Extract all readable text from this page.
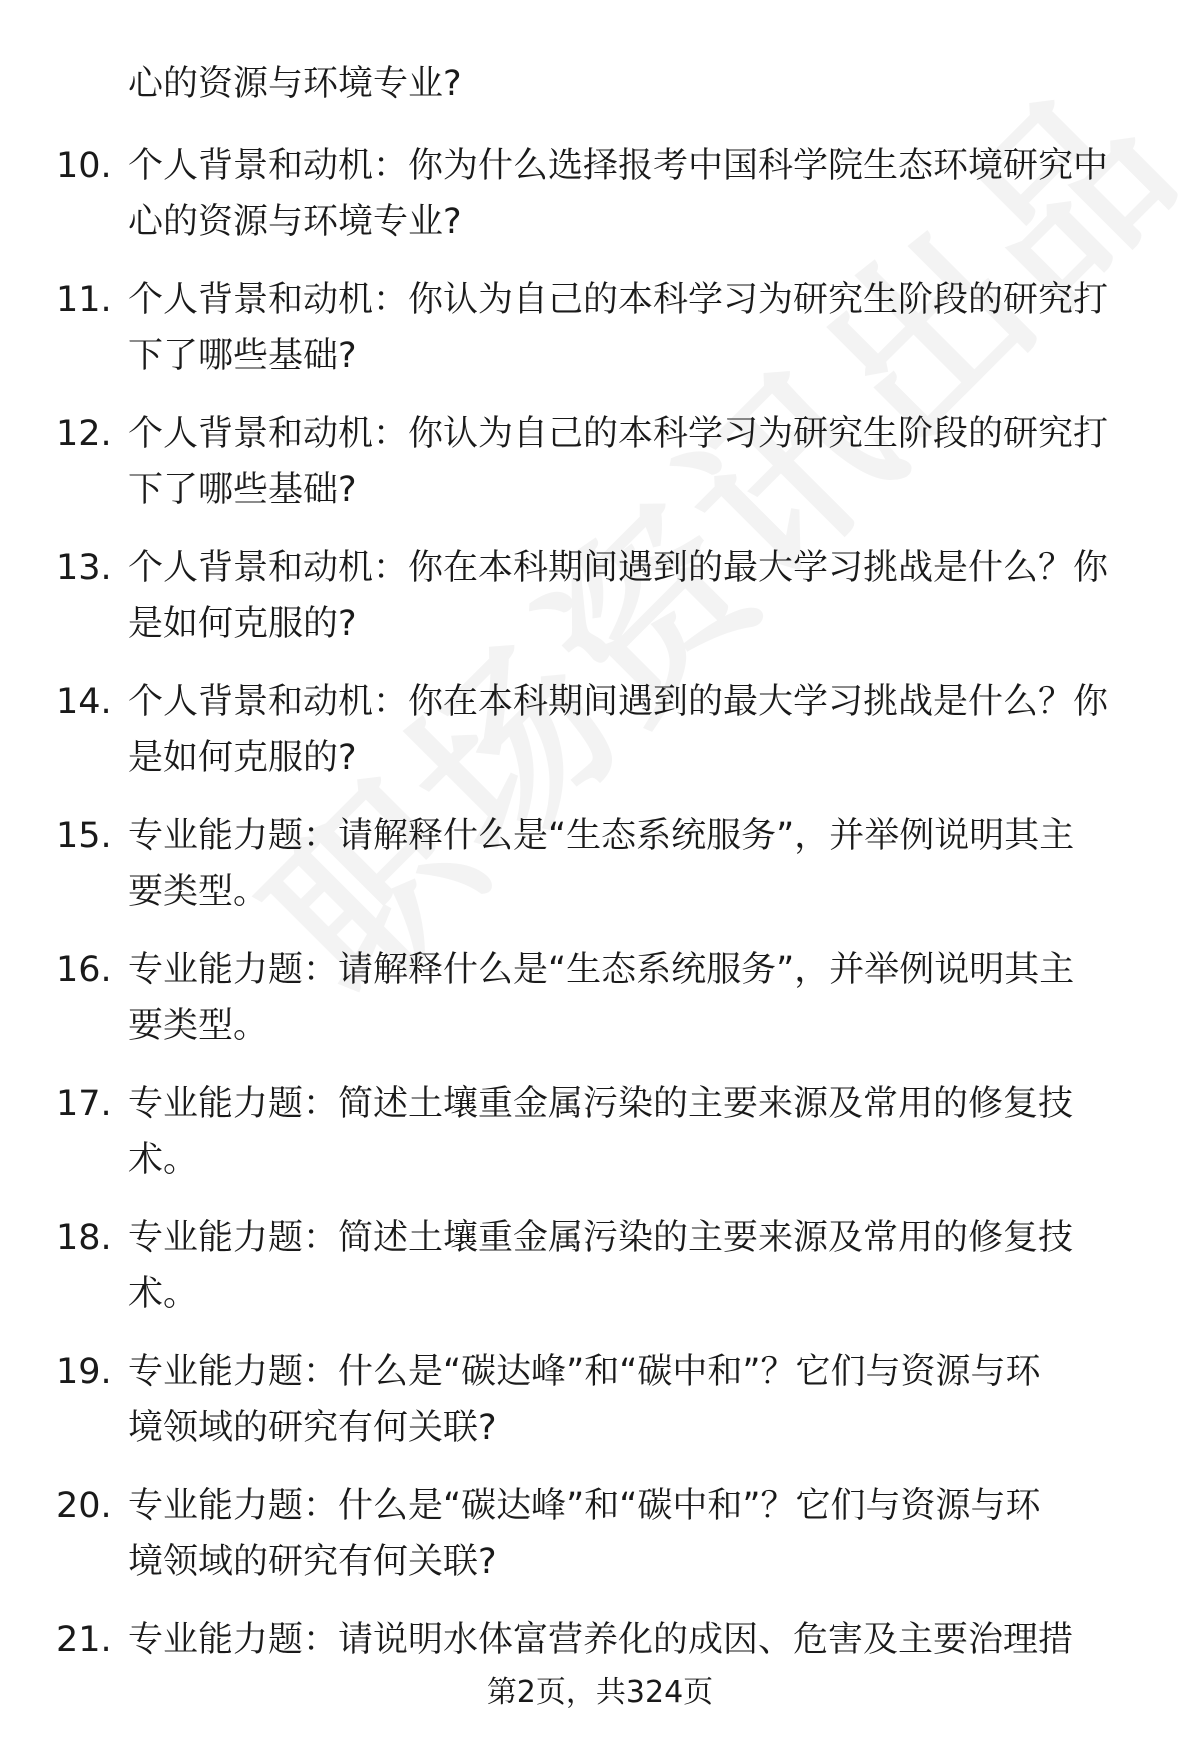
心的资源与环境专业?
10. 个人背景和动机：你为什么选择报考中国科学院生态环境研究中
心的资源与环境专业?
11. 个人背景和动机：你认为自己的本科学习为研究生阶段的研究打
下了哪些基础?
12. 个人背景和动机：你认为自己的本科学习为研究生阶段的研究打
下了哪些基础?
13. 个人背景和动机：你在本科期间遇到的最大学习挑战是什么？你
是如何克服的?
14. 个人背景和动机：你在本科期间遇到的最大学习挑战是什么？你
是如何克服的?
15. 专业能力题：请解释什么是“生态系统服务”，并举例说明其主
要类型。
16. 专业能力题：请解释什么是“生态系统服务”，并举例说明其主
要类型。
17. 专业能力题：简述土壤重金属污染的主要来源及常用的修复技
术。
18. 专业能力题：简述土壤重金属污染的主要来源及常用的修复技
术。
19. 专业能力题：什么是“碳达峰”和“碳中和”？它们与资源与环
境领域的研究有何关联?
20. 专业能力题：什么是“碳达峰”和“碳中和”？它们与资源与环
境领域的研究有何关联?
21. 专业能力题：请说明水体富营养化的成因、危害及主要治理措
第2页，共324页
